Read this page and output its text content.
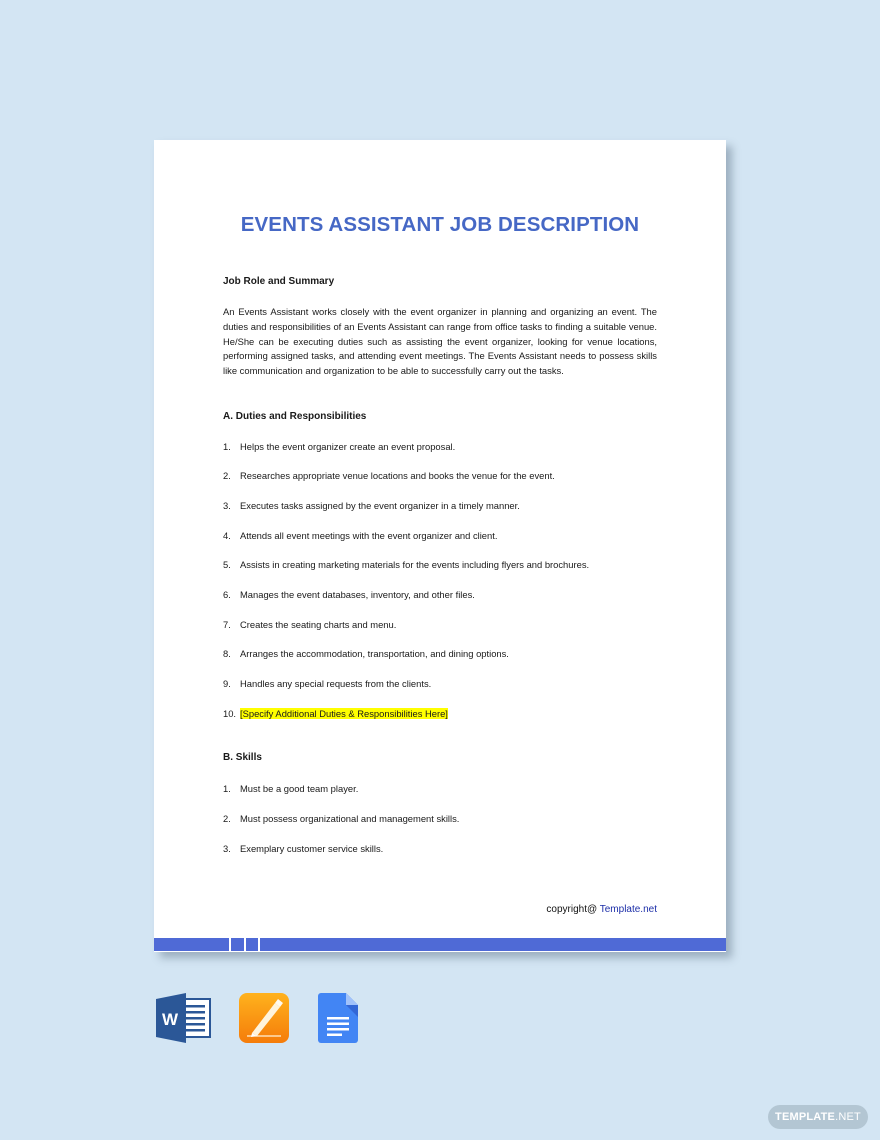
EVENTS ASSISTANT JOB DESCRIPTION
Job Role and Summary

An Events Assistant works closely with the event organizer in planning and organizing an event. The duties and responsibilities of an Events Assistant can range from office tasks to finding a suitable venue. He/She can be executing duties such as assisting the event organizer, looking for venue locations, performing assigned tasks, and attending event meetings. The Events Assistant needs to possess skills like communication and organization to be able to successfully carry out the tasks.

A. Duties and Responsibilities
1. Helps the event organizer create an event proposal.
2. Researches appropriate venue locations and books the venue for the event.
3. Executes tasks assigned by the event organizer in a timely manner.
4. Attends all event meetings with the event organizer and client.
5. Assists in creating marketing materials for the events including flyers and brochures.
6. Manages the event databases, inventory, and other files.
7. Creates the seating charts and menu.
8. Arranges the accommodation, transportation, and dining options.
9. Handles any special requests from the clients.
10. [Specify Additional Duties & Responsibilities Here]
B. Skills
1. Must be a good team player.
2. Must possess organizational and management skills.
3. Exemplary customer service skills.
copyright@ Template.net
W
TEMPLATE.NET
